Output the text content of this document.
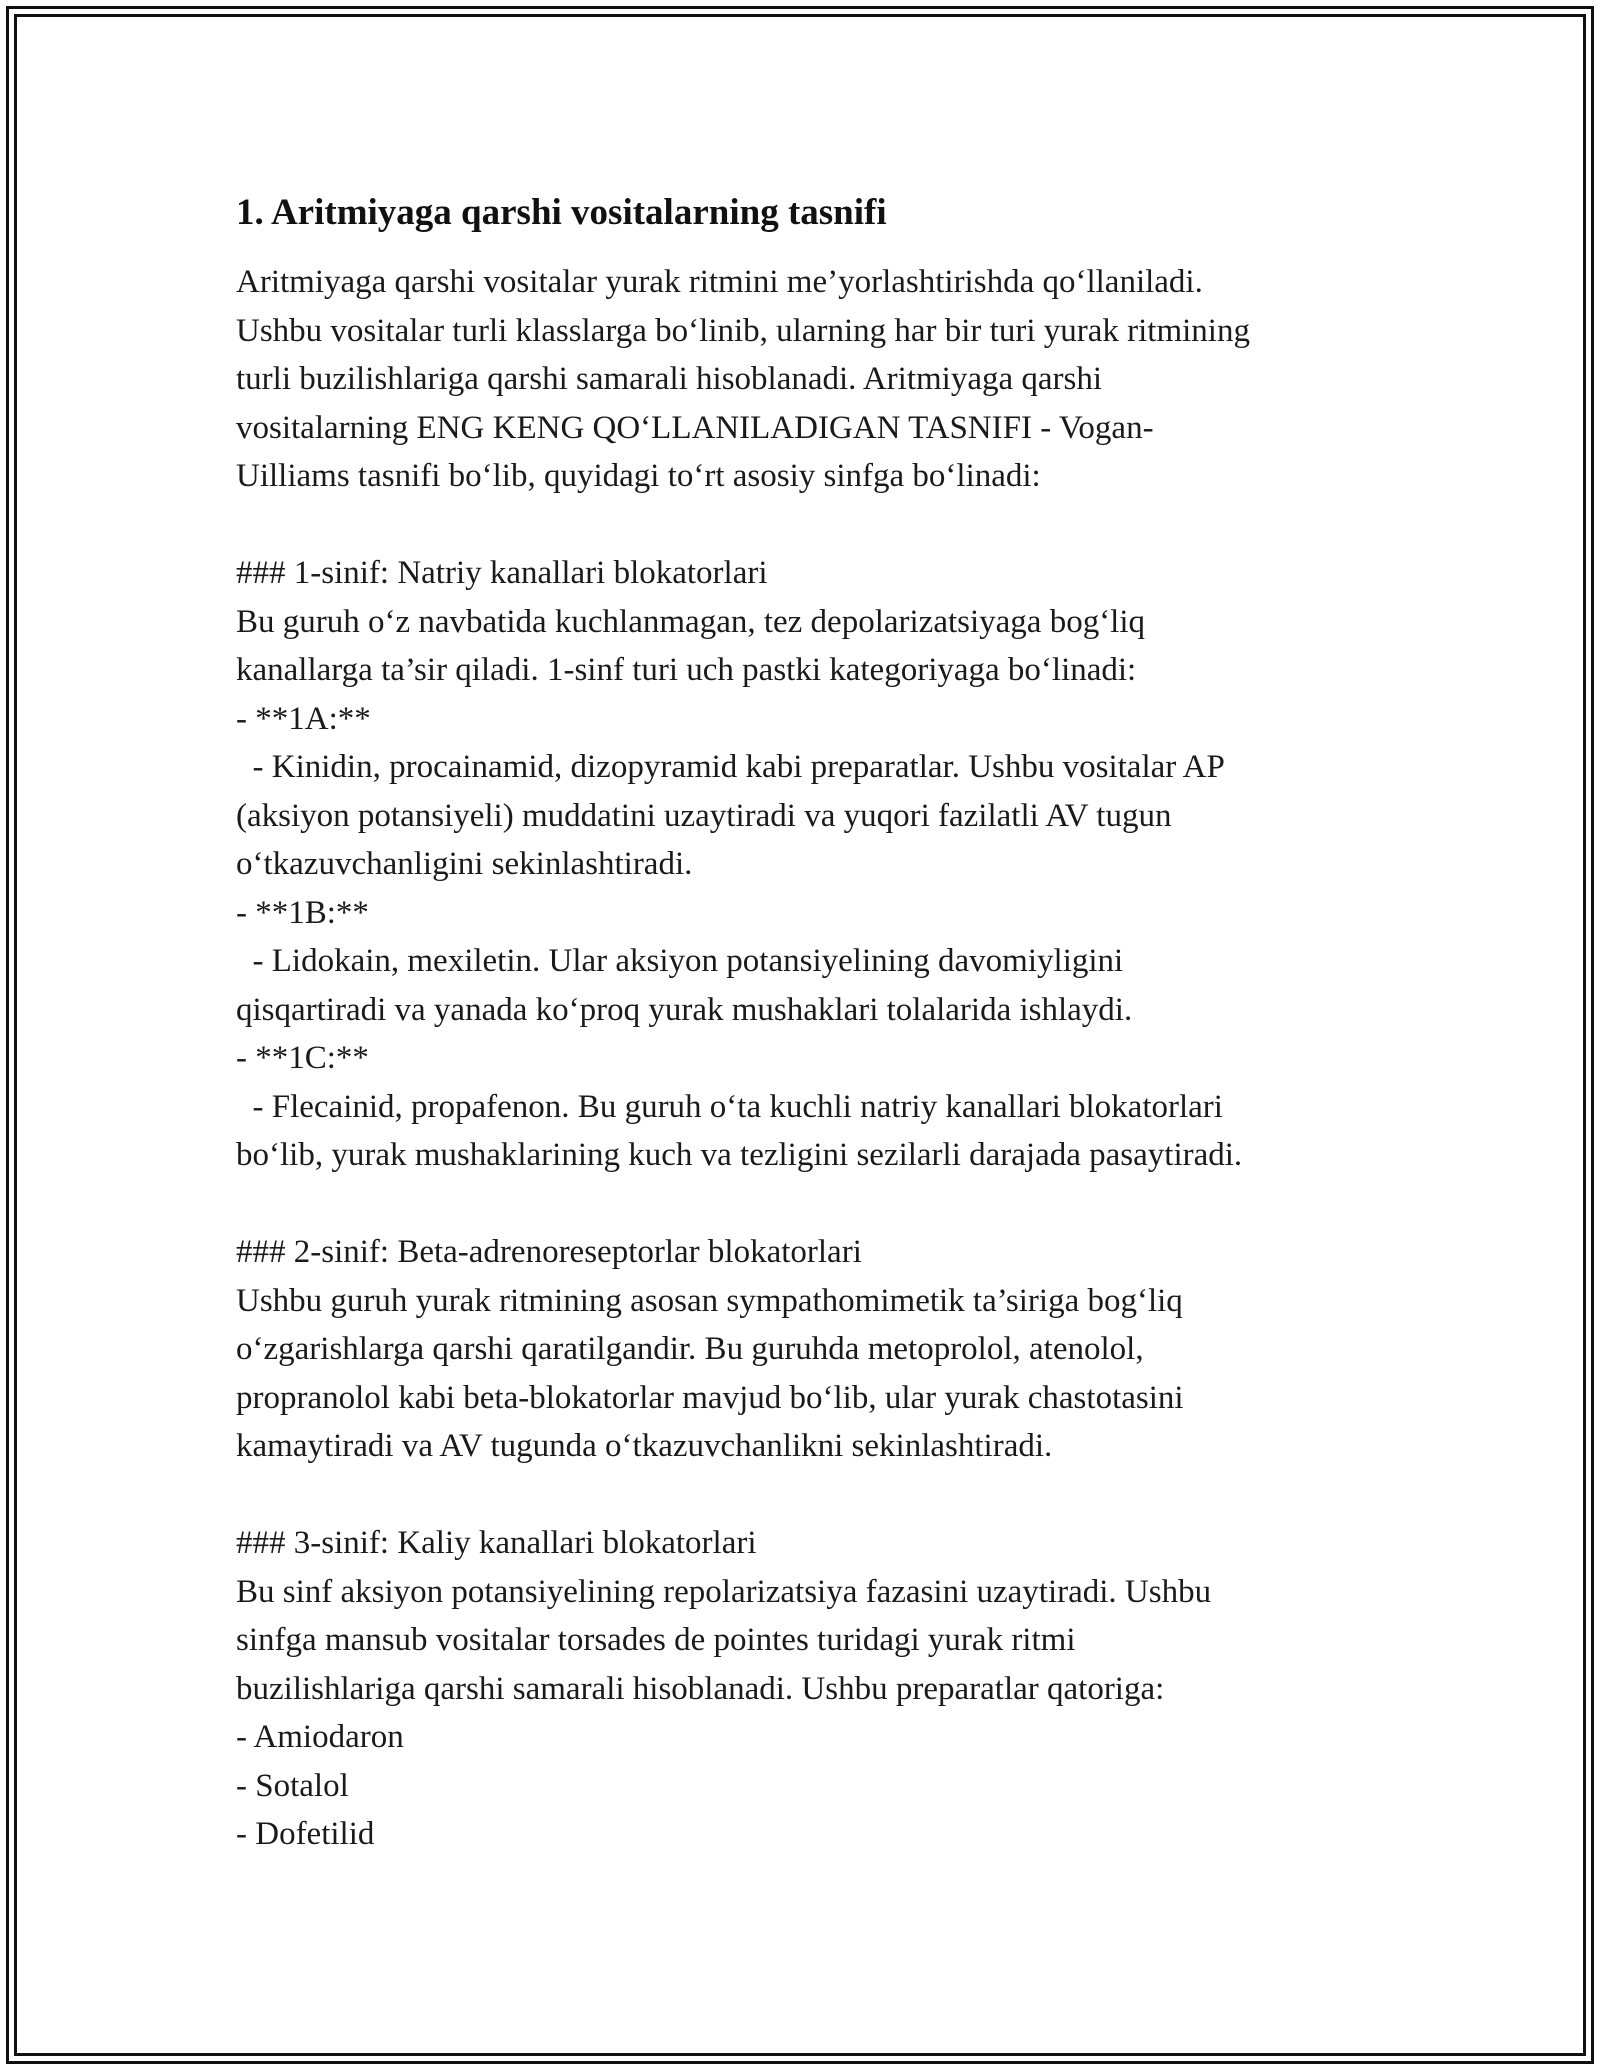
1. Aritmiyaga qarshi vositalarning tasnifi
Aritmiyaga qarshi vositalar yurak ritmini me’yorlashtirishda qo‘llaniladi.
Ushbu vositalar turli klasslarga bo‘linib, ularning har bir turi yurak ritmining
turli buzilishlariga qarshi samarali hisoblanadi. Aritmiyaga qarshi
vositalarning ENG KENG QO‘LLANILADIGAN TASNIFI - Vogan-
Uilliams tasnifi bo‘lib, quyidagi to‘rt asosiy sinfga bo‘linadi:
### 1-sinif: Natriy kanallari blokatorlari
Bu guruh o‘z navbatida kuchlanmagan, tez depolarizatsiyaga bog‘liq
kanallarga ta’sir qiladi. 1-sinf turi uch pastki kategoriyaga bo‘linadi:
- **1A:**
- Kinidin, procainamid, dizopyramid kabi preparatlar. Ushbu vositalar AP
(aksiyon potansiyeli) muddatini uzaytiradi va yuqori fazilatli AV tugun
o‘tkazuvchanligini sekinlashtiradi.
- **1B:**
- Lidokain, mexiletin. Ular aksiyon potansiyelining davomiyligini
qisqartiradi va yanada ko‘proq yurak mushaklari tolalarida ishlaydi.
- **1C:**
- Flecainid, propafenon. Bu guruh o‘ta kuchli natriy kanallari blokatorlari
bo‘lib, yurak mushaklarining kuch va tezligini sezilarli darajada pasaytiradi.
### 2-sinif: Beta-adrenoreseptorlar blokatorlari
Ushbu guruh yurak ritmining asosan sympathomimetik ta’siriga bog‘liq
o‘zgarishlarga qarshi qaratilgandir. Bu guruhda metoprolol, atenolol,
propranolol kabi beta-blokatorlar mavjud bo‘lib, ular yurak chastotasini
kamaytiradi va AV tugunda o‘tkazuvchanlikni sekinlashtiradi.
### 3-sinif: Kaliy kanallari blokatorlari
Bu sinf aksiyon potansiyelining repolarizatsiya fazasini uzaytiradi. Ushbu
sinfga mansub vositalar torsades de pointes turidagi yurak ritmi
buzilishlariga qarshi samarali hisoblanadi. Ushbu preparatlar qatoriga:
- Amiodaron
- Sotalol
- Dofetilid
